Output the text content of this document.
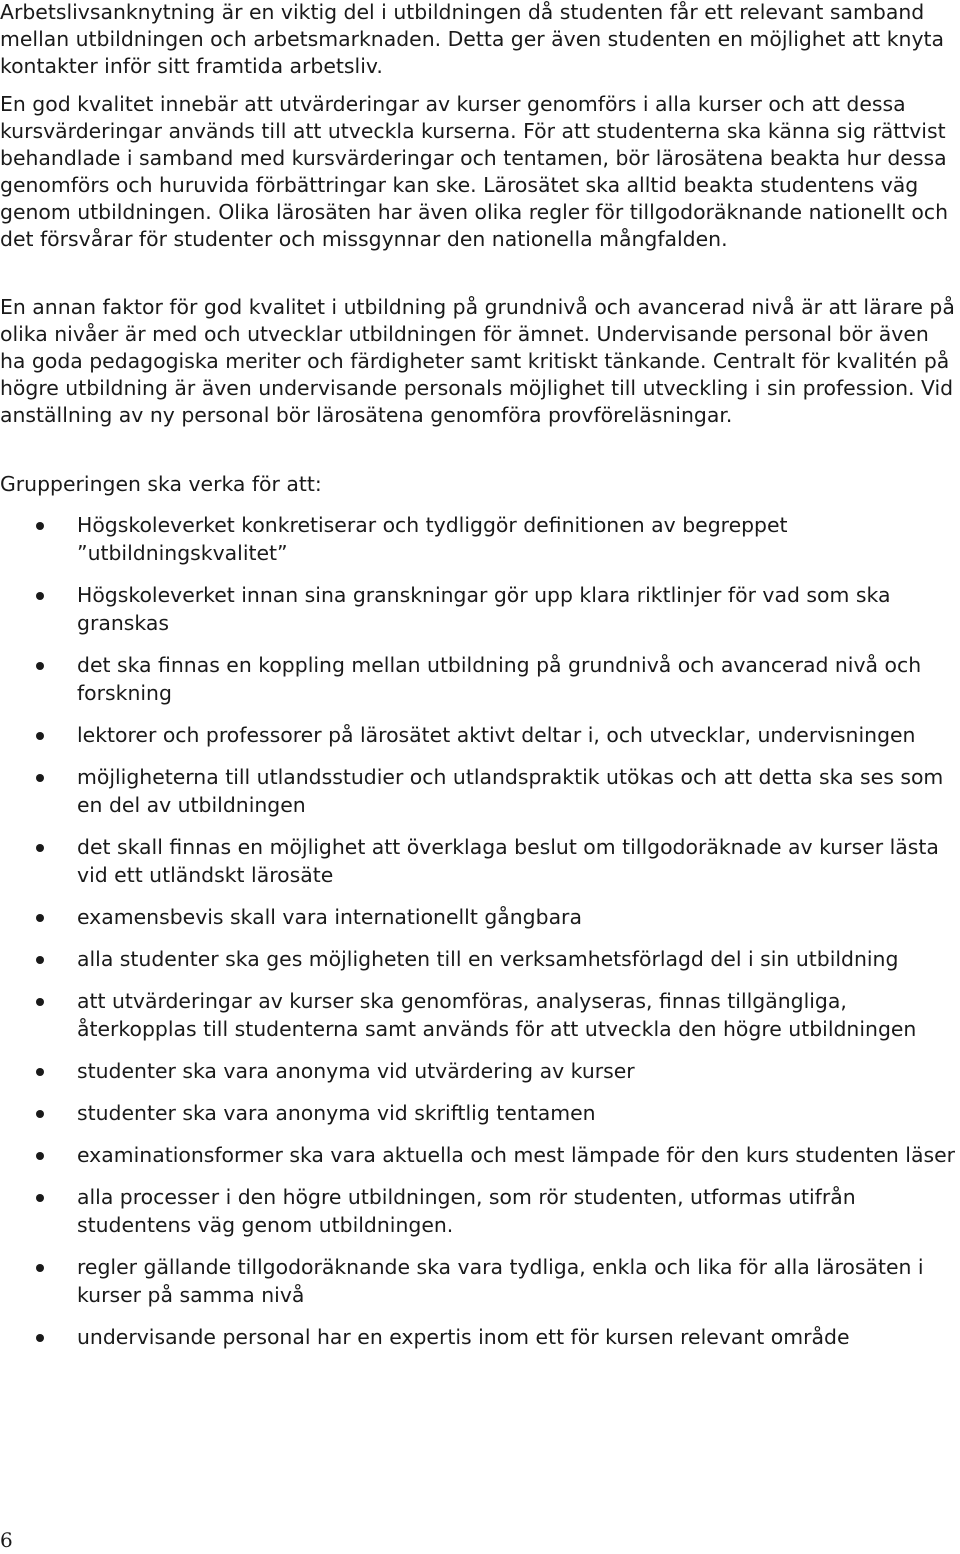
Arbetslivsanknytning är en viktig del i utbildningen då studenten får ett relevant samband mellan utbildningen och arbetsmarknaden. Detta ger även studenten en möjlighet att knyta kontakter inför sitt framtida arbetsliv.

En god kvalitet innebär att utvärderingar av kurser genomförs i alla kurser och att dessa kursvärderingar används till att utveckla kurserna. För att studenterna ska känna sig rättvist behandlade i samband med kursvärderingar och tentamen, bör lärosätena beakta hur dessa genomförs och huruvida förbättringar kan ske. Lärosätet ska alltid beakta studentens väg genom utbildningen. Olika lärosäten har även olika regler för tillgodoräknande nationellt och det försvårar för studenter och missgynnar den nationella mångfalden.

En annan faktor för god kvalitet i utbildning på grundnivå och avancerad nivå är att lärare på olika nivåer är med och utvecklar utbildningen för ämnet. Undervisande personal bör även ha goda pedagogiska meriter och färdigheter samt kritiskt tänkande. Centralt för kvalitén på högre utbildning är även undervisande personals möjlighet till utveckling i sin profession. Vid anställning av ny personal bör lärosätena genomföra provföreläsningar.

Grupperingen ska verka för att:

Högskoleverket konkretiserar och tydliggör definitionen av begreppet ”utbildningskvalitet”
Högskoleverket innan sina granskningar gör upp klara riktlinjer för vad som ska granskas
det ska finnas en koppling mellan utbildning på grundnivå och avancerad nivå och forskning
lektorer och professorer på lärosätet aktivt deltar i, och utvecklar, undervisningen
möjligheterna till utlandsstudier och utlandspraktik utökas och att detta ska ses som en del av utbildningen
det skall finnas en möjlighet att överklaga beslut om tillgodoräknade av kurser lästa vid ett utländskt lärosäte
examensbevis skall vara internationellt gångbara
alla studenter ska ges möjligheten till en verksamhetsförlagd del i sin utbildning
att utvärderingar av kurser ska genomföras, analyseras, finnas tillgängliga, återkopplas till studenterna samt används för att utveckla den högre utbildningen
studenter ska vara anonyma vid utvärdering av kurser
studenter ska vara anonyma vid skriftlig tentamen
examinationsformer ska vara aktuella och mest lämpade för den kurs studenten läser
alla processer i den högre utbildningen, som rör studenten, utformas utifrån studentens väg genom utbildningen.
regler gällande tillgodoräknande ska vara tydliga, enkla och lika för alla lärosäten i kurser på samma nivå
undervisande personal har en expertis inom ett för kursen relevant område
6
